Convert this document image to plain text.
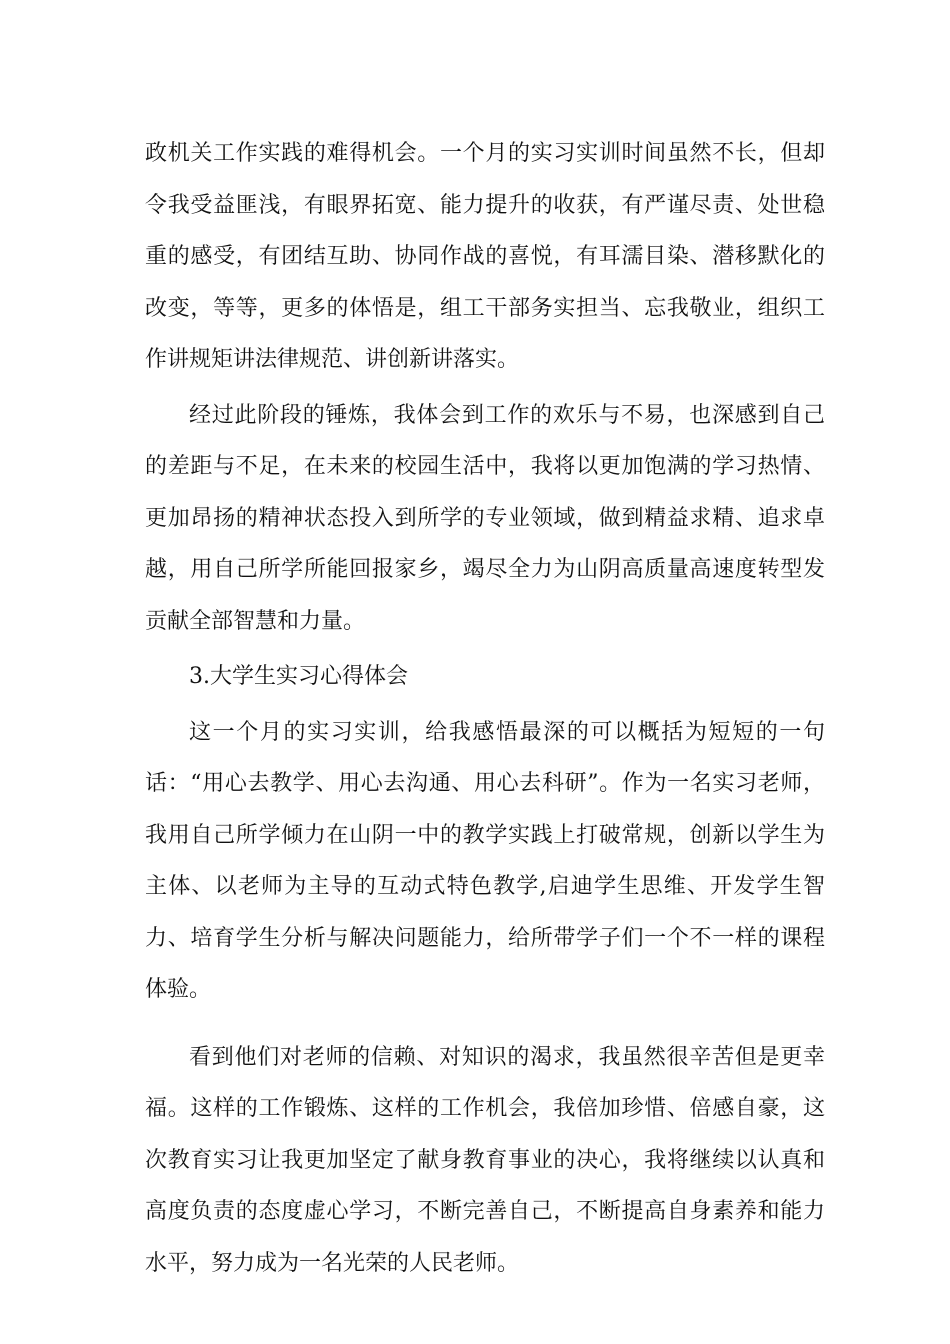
政机关工作实践的难得机会。一个月的实习实训时间虽然不长，但却令我受益匪浅，有眼界拓宽、能力提升的收获，有严谨尽责、处世稳重的感受，有团结互助、协同作战的喜悦，有耳濡目染、潜移默化的改变，等等，更多的体悟是，组工干部务实担当、忘我敬业，组织工作讲规矩讲法律规范、讲创新讲落实。

经过此阶段的锤炼，我体会到工作的欢乐与不易，也深感到自己的差距与不足，在未来的校园生活中，我将以更加饱满的学习热情、更加昂扬的精神状态投入到所学的专业领域，做到精益求精、追求卓越，用自己所学所能回报家乡，竭尽全力为山阴高质量高速度转型发贡献全部智慧和力量。

3.大学生实习心得体会

这一个月的实习实训，给我感悟最深的可以概括为短短的一句话：“用心去教学、用心去沟通、用心去科研”。作为一名实习老师，我用自己所学倾力在山阴一中的教学实践上打破常规，创新以学生为主体、以老师为主导的互动式特色教学,启迪学生思维、开发学生智力、培育学生分析与解决问题能力，给所带学子们一个不一样的课程体验。

看到他们对老师的信赖、对知识的渴求，我虽然很辛苦但是更幸福。这样的工作锻炼、这样的工作机会，我倍加珍惜、倍感自豪，这次教育实习让我更加坚定了献身教育事业的决心，我将继续以认真和高度负责的态度虚心学习，不断完善自己，不断提高自身素养和能力水平，努力成为一名光荣的人民老师。
